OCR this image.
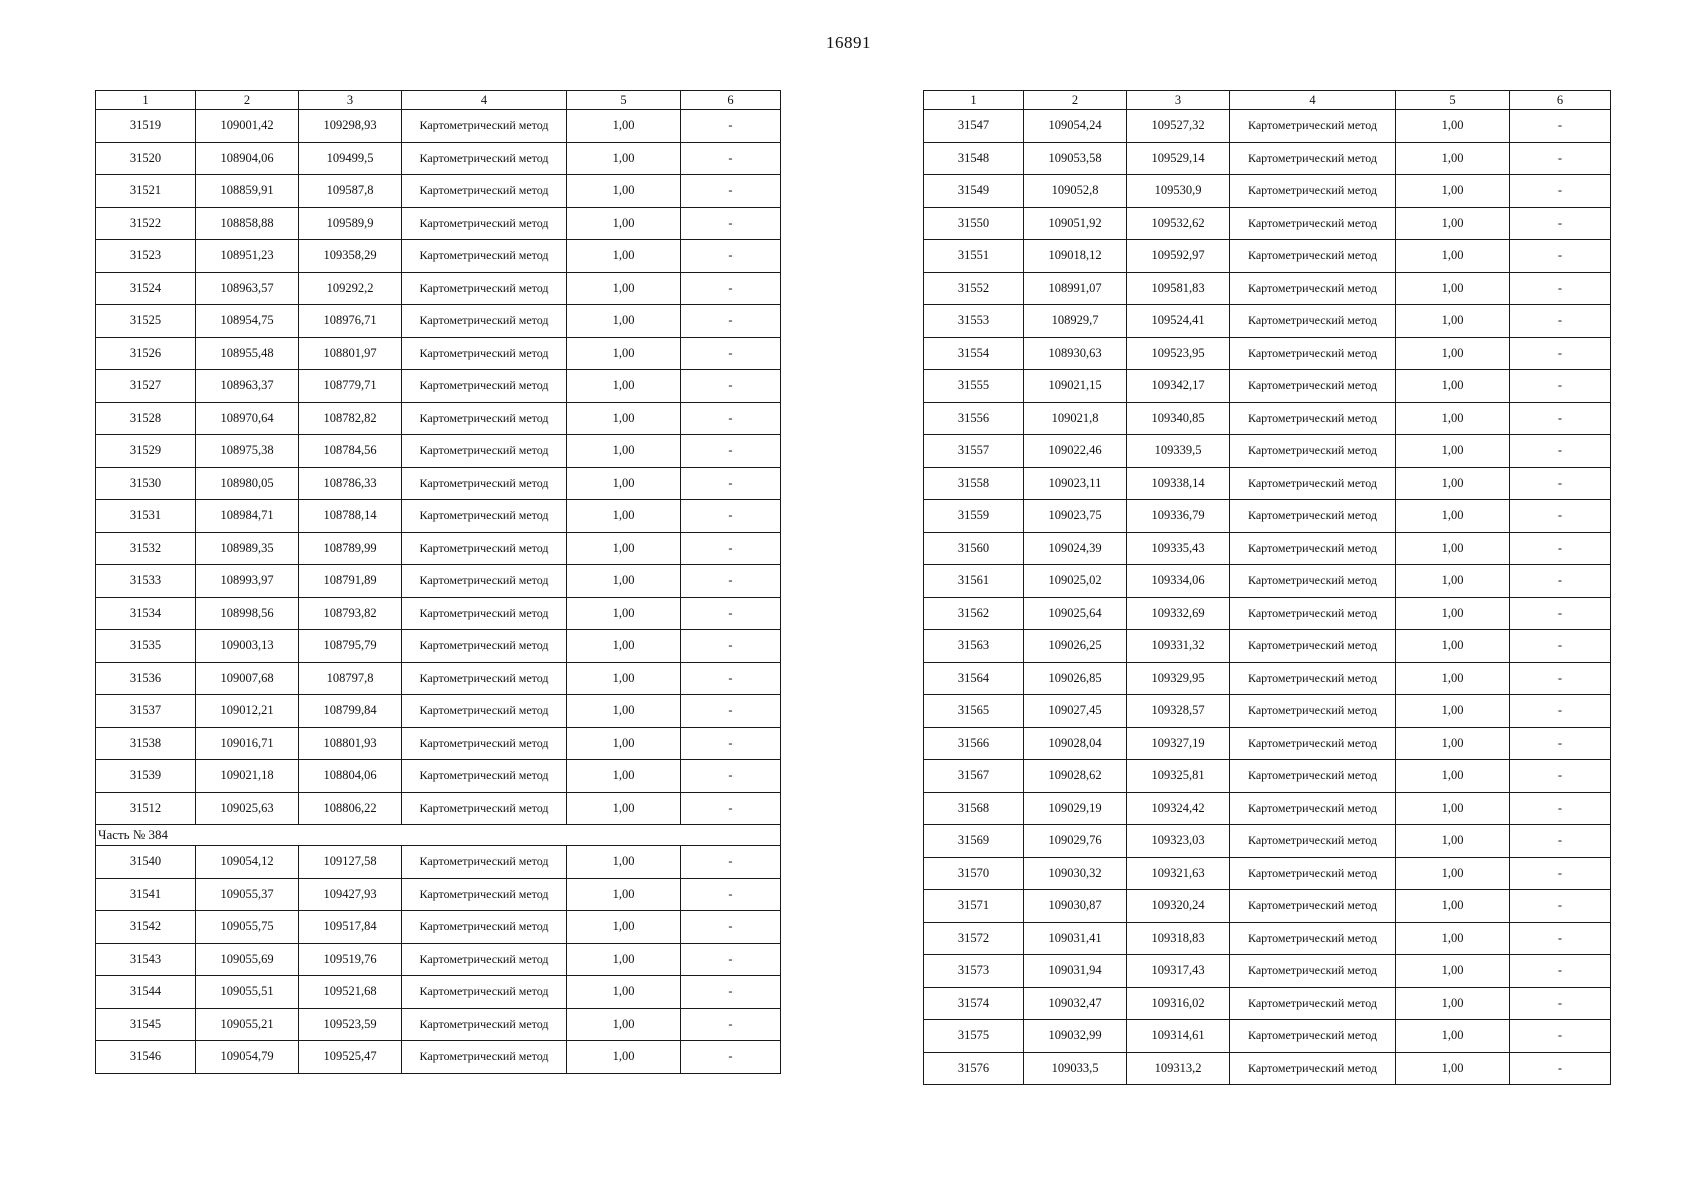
16891
1	2	3	4	5	6
31519	109001,42	109298,93	Картометрический метод	1,00	-
31520	108904,06	109499,5	Картометрический метод	1,00	-
31521	108859,91	109587,8	Картометрический метод	1,00	-
31522	108858,88	109589,9	Картометрический метод	1,00	-
31523	108951,23	109358,29	Картометрический метод	1,00	-
31524	108963,57	109292,2	Картометрический метод	1,00	-
31525	108954,75	108976,71	Картометрический метод	1,00	-
31526	108955,48	108801,97	Картометрический метод	1,00	-
31527	108963,37	108779,71	Картометрический метод	1,00	-
31528	108970,64	108782,82	Картометрический метод	1,00	-
31529	108975,38	108784,56	Картометрический метод	1,00	-
31530	108980,05	108786,33	Картометрический метод	1,00	-
31531	108984,71	108788,14	Картометрический метод	1,00	-
31532	108989,35	108789,99	Картометрический метод	1,00	-
31533	108993,97	108791,89	Картометрический метод	1,00	-
31534	108998,56	108793,82	Картометрический метод	1,00	-
31535	109003,13	108795,79	Картометрический метод	1,00	-
31536	109007,68	108797,8	Картометрический метод	1,00	-
31537	109012,21	108799,84	Картометрический метод	1,00	-
31538	109016,71	108801,93	Картометрический метод	1,00	-
31539	109021,18	108804,06	Картометрический метод	1,00	-
31512	109025,63	108806,22	Картометрический метод	1,00	-
Часть № 384					
31540	109054,12	109127,58	Картометрический метод	1,00	-
31541	109055,37	109427,93	Картометрический метод	1,00	-
31542	109055,75	109517,84	Картометрический метод	1,00	-
31543	109055,69	109519,76	Картометрический метод	1,00	-
31544	109055,51	109521,68	Картометрический метод	1,00	-
31545	109055,21	109523,59	Картометрический метод	1,00	-
31546	109054,79	109525,47	Картометрический метод	1,00	-
1	2	3	4	5	6
31547	109054,24	109527,32	Картометрический метод	1,00	-
31548	109053,58	109529,14	Картометрический метод	1,00	-
31549	109052,8	109530,9	Картометрический метод	1,00	-
31550	109051,92	109532,62	Картометрический метод	1,00	-
31551	109018,12	109592,97	Картометрический метод	1,00	-
31552	108991,07	109581,83	Картометрический метод	1,00	-
31553	108929,7	109524,41	Картометрический метод	1,00	-
31554	108930,63	109523,95	Картометрический метод	1,00	-
31555	109021,15	109342,17	Картометрический метод	1,00	-
31556	109021,8	109340,85	Картометрический метод	1,00	-
31557	109022,46	109339,5	Картометрический метод	1,00	-
31558	109023,11	109338,14	Картометрический метод	1,00	-
31559	109023,75	109336,79	Картометрический метод	1,00	-
31560	109024,39	109335,43	Картометрический метод	1,00	-
31561	109025,02	109334,06	Картометрический метод	1,00	-
31562	109025,64	109332,69	Картометрический метод	1,00	-
31563	109026,25	109331,32	Картометрический метод	1,00	-
31564	109026,85	109329,95	Картометрический метод	1,00	-
31565	109027,45	109328,57	Картометрический метод	1,00	-
31566	109028,04	109327,19	Картометрический метод	1,00	-
31567	109028,62	109325,81	Картометрический метод	1,00	-
31568	109029,19	109324,42	Картометрический метод	1,00	-
31569	109029,76	109323,03	Картометрический метод	1,00	-
31570	109030,32	109321,63	Картометрический метод	1,00	-
31571	109030,87	109320,24	Картометрический метод	1,00	-
31572	109031,41	109318,83	Картометрический метод	1,00	-
31573	109031,94	109317,43	Картометрический метод	1,00	-
31574	109032,47	109316,02	Картометрический метод	1,00	-
31575	109032,99	109314,61	Картометрический метод	1,00	-
31576	109033,5	109313,2	Картометрический метод	1,00	-
